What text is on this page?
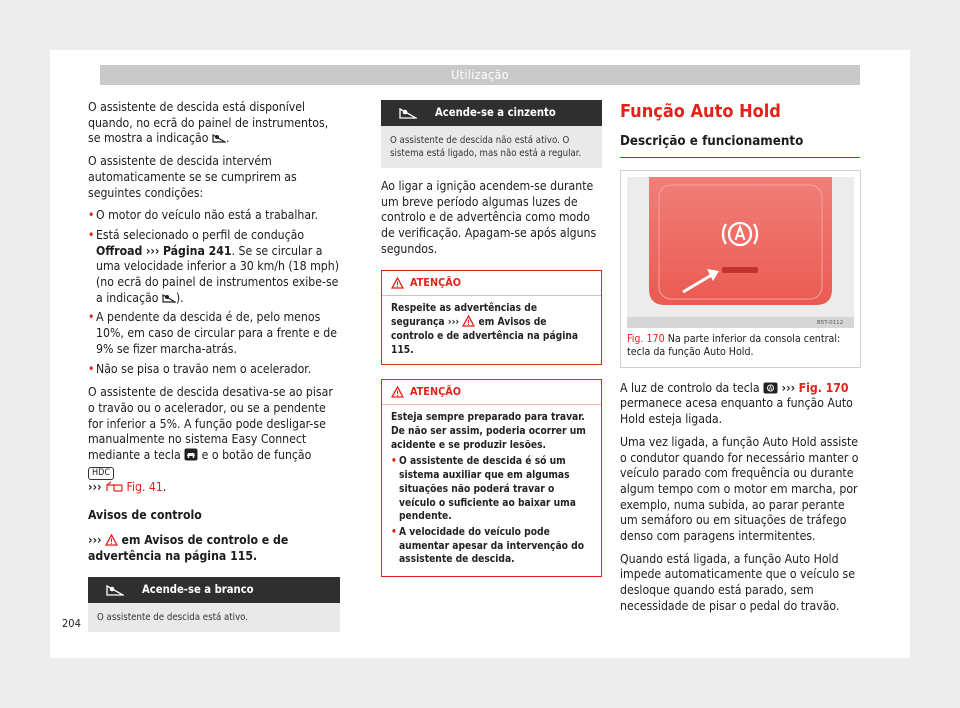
Utilização

O assistente de descida está disponível quando, no ecrã do painel de instrumentos, se mostra a indicação .

O assistente de descida intervém automaticamente se se cumprirem as seguintes condições:

• O motor do veículo não está a trabalhar.
• Está selecionado o perfil de condução Offroad ››› Página 241. Se se circular a uma velocidade inferior a 30 km/h (18 mph) (no ecrã do painel de instrumentos exibe-se a indicação ).
• A pendente da descida é de, pelo menos 10%, em caso de circular para a frente e de 9% se fizer marcha-atrás.
• Não se pisa o travão nem o acelerador.

O assistente de descida desativa-se ao pisar o travão ou o acelerador, ou se a pendente for inferior a 5%. A função pode desligar-se manualmente no sistema Easy Connect mediante a tecla e o botão de função HDC
››› Fig. 41.

Avisos de controlo

››› em Avisos de controlo e de advertência na página 115.

Acende-se a branco
O assistente de descida está ativo.
Acende-se a cinzento
O assistente de descida não está ativo. O sistema está ligado, mas não está a regular.

Ao ligar a ignição acendem-se durante um breve período algumas luzes de controlo e de advertência como modo de verificação. Apagam-se após alguns segundos.

ATENÇÃO
Respeite as advertências de segurança ››› em Avisos de controlo e de advertência na página 115.
ATENÇÃO
Esteja sempre preparado para travar. De não ser assim, poderia ocorrer um acidente e se produzir lesões.
• O assistente de descida é só um sistema auxiliar que em algumas situações não poderá travar o veículo o suficiente ao baixar uma pendente.
• A velocidade do veículo pode aumentar apesar da intervenção do assistente de descida.
Função Auto Hold
Descrição e funcionamento
B5T-0112
Fig. 170 Na parte inferior da consola central: tecla da função Auto Hold.

A luz de controlo da tecla A ››› Fig. 170 permanece acesa enquanto a função Auto Hold esteja ligada.

Uma vez ligada, a função Auto Hold assiste o condutor quando for necessário manter o veículo parado com frequência ou durante algum tempo com o motor em marcha, por exemplo, numa subida, ao parar perante um semáforo ou em situações de tráfego denso com paragens intermitentes.

Quando está ligada, a função Auto Hold impede automaticamente que o veículo se desloque quando está parado, sem necessidade de pisar o pedal do travão.

204
